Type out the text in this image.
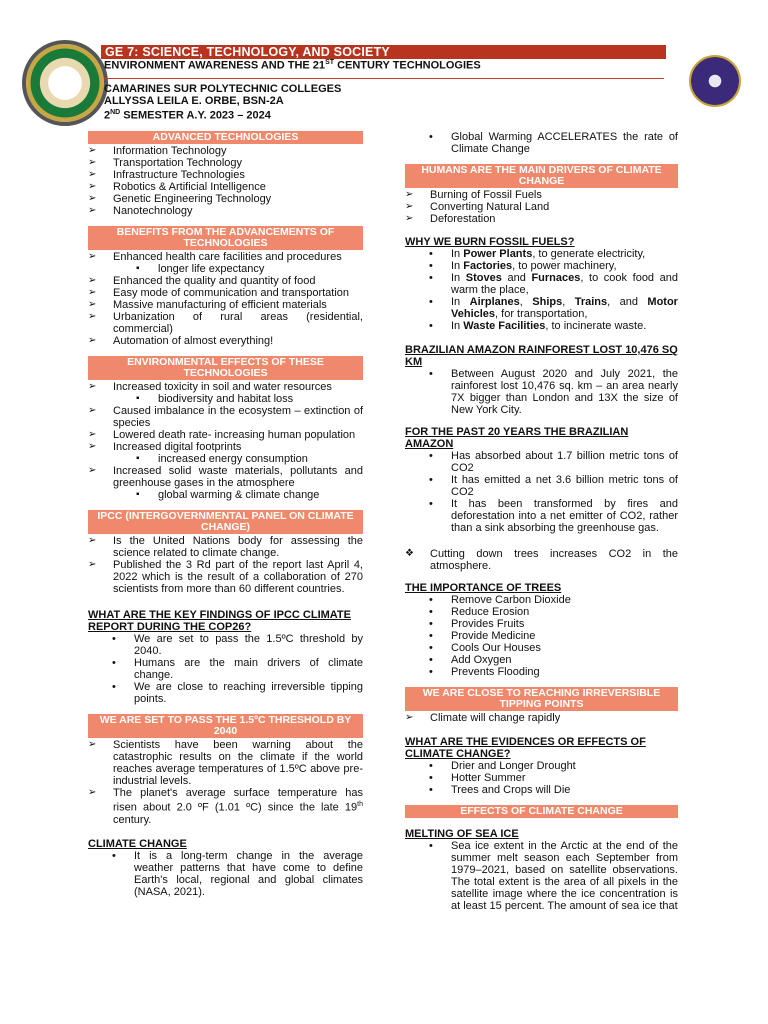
GE 7: SCIENCE, TECHNOLOGY, AND SOCIETY
ENVIRONMENT AWARENESS AND THE 21ST CENTURY TECHNOLOGIES
CAMARINES SUR POLYTECHNIC COLLEGES
ALLYSSA LEILA E. ORBE, BSN-2A
2ND SEMESTER A.Y. 2023 – 2024
ADVANCED TECHNOLOGIES
➢ Information Technology
➢ Transportation Technology
➢ Infrastructure Technologies
➢ Robotics & Artificial Intelligence
➢ Genetic Engineering Technology
➢ Nanotechnology
BENEFITS FROM THE ADVANCEMENTS OF TECHNOLOGIES
➢ Enhanced health care facilities and procedures
▪ longer life expectancy
➢ Enhanced the quality and quantity of food
➢ Easy mode of communication and transportation
➢ Massive manufacturing of efficient materials
➢ Urbanization of rural areas (residential, commercial)
➢ Automation of almost everything!
ENVIRONMENTAL EFFECTS OF THESE TECHNOLOGIES
➢ Increased toxicity in soil and water resources
▪ biodiversity and habitat loss
➢ Caused imbalance in the ecosystem – extinction of species
➢ Lowered death rate- increasing human population
➢ Increased digital footprints
▪ increased energy consumption
➢ Increased solid waste materials, pollutants and greenhouse gases in the atmosphere
▪ global warming & climate change
IPCC (INTERGOVERNMENTAL PANEL ON CLIMATE CHANGE)
➢ Is the United Nations body for assessing the science related to climate change.
➢ Published the 3 Rd part of the report last April 4, 2022 which is the result of a collaboration of 270 scientists from more than 60 different countries.
WHAT ARE THE KEY FINDINGS OF IPCC CLIMATE REPORT DURING THE COP26?
• We are set to pass the 1.5ºC threshold by 2040.
• Humans are the main drivers of climate change.
• We are close to reaching irreversible tipping points.
WE ARE SET TO PASS THE 1.5ºC THRESHOLD BY 2040
➢ Scientists have been warning about the catastrophic results on the climate if the world reaches average temperatures of 1.5ºC above pre-industrial levels.
➢ The planet's average surface temperature has risen about 2.0 ºF (1.01 ºC) since the late 19th century.
CLIMATE CHANGE
• It is a long-term change in the average weather patterns that have come to define Earth's local, regional and global climates (NASA, 2021).
• Global Warming ACCELERATES the rate of Climate Change
HUMANS ARE THE MAIN DRIVERS OF CLIMATE CHANGE
➢ Burning of Fossil Fuels
➢ Converting Natural Land
➢ Deforestation
WHY WE BURN FOSSIL FUELS?
• In Power Plants, to generate electricity,
• In Factories, to power machinery,
• In Stoves and Furnaces, to cook food and warm the place,
• In Airplanes, Ships, Trains, and Motor Vehicles, for transportation,
• In Waste Facilities, to incinerate waste.
BRAZILIAN AMAZON RAINFOREST LOST 10,476 SQ KM
• Between August 2020 and July 2021, the rainforest lost 10,476 sq. km – an area nearly 7X bigger than London and 13X the size of New York City.
FOR THE PAST 20 YEARS THE BRAZILIAN AMAZON
• Has absorbed about 1.7 billion metric tons of CO2
• It has emitted a net 3.6 billion metric tons of CO2
• It has been transformed by fires and deforestation into a net emitter of CO2, rather than a sink absorbing the greenhouse gas.
❖ Cutting down trees increases CO2 in the atmosphere.
THE IMPORTANCE OF TREES
• Remove Carbon Dioxide
• Reduce Erosion
• Provides Fruits
• Provide Medicine
• Cools Our Houses
• Add Oxygen
• Prevents Flooding
WE ARE CLOSE TO REACHING IRREVERSIBLE TIPPING POINTS
➢ Climate will change rapidly
WHAT ARE THE EVIDENCES OR EFFECTS OF CLIMATE CHANGE?
• Drier and Longer Drought
• Hotter Summer
• Trees and Crops will Die
EFFECTS OF CLIMATE CHANGE
MELTING OF SEA ICE
• Sea ice extent in the Arctic at the end of the summer melt season each September from 1979–2021, based on satellite observations. The total extent is the area of all pixels in the satellite image where the ice concentration is at least 15 percent. The amount of sea ice that
